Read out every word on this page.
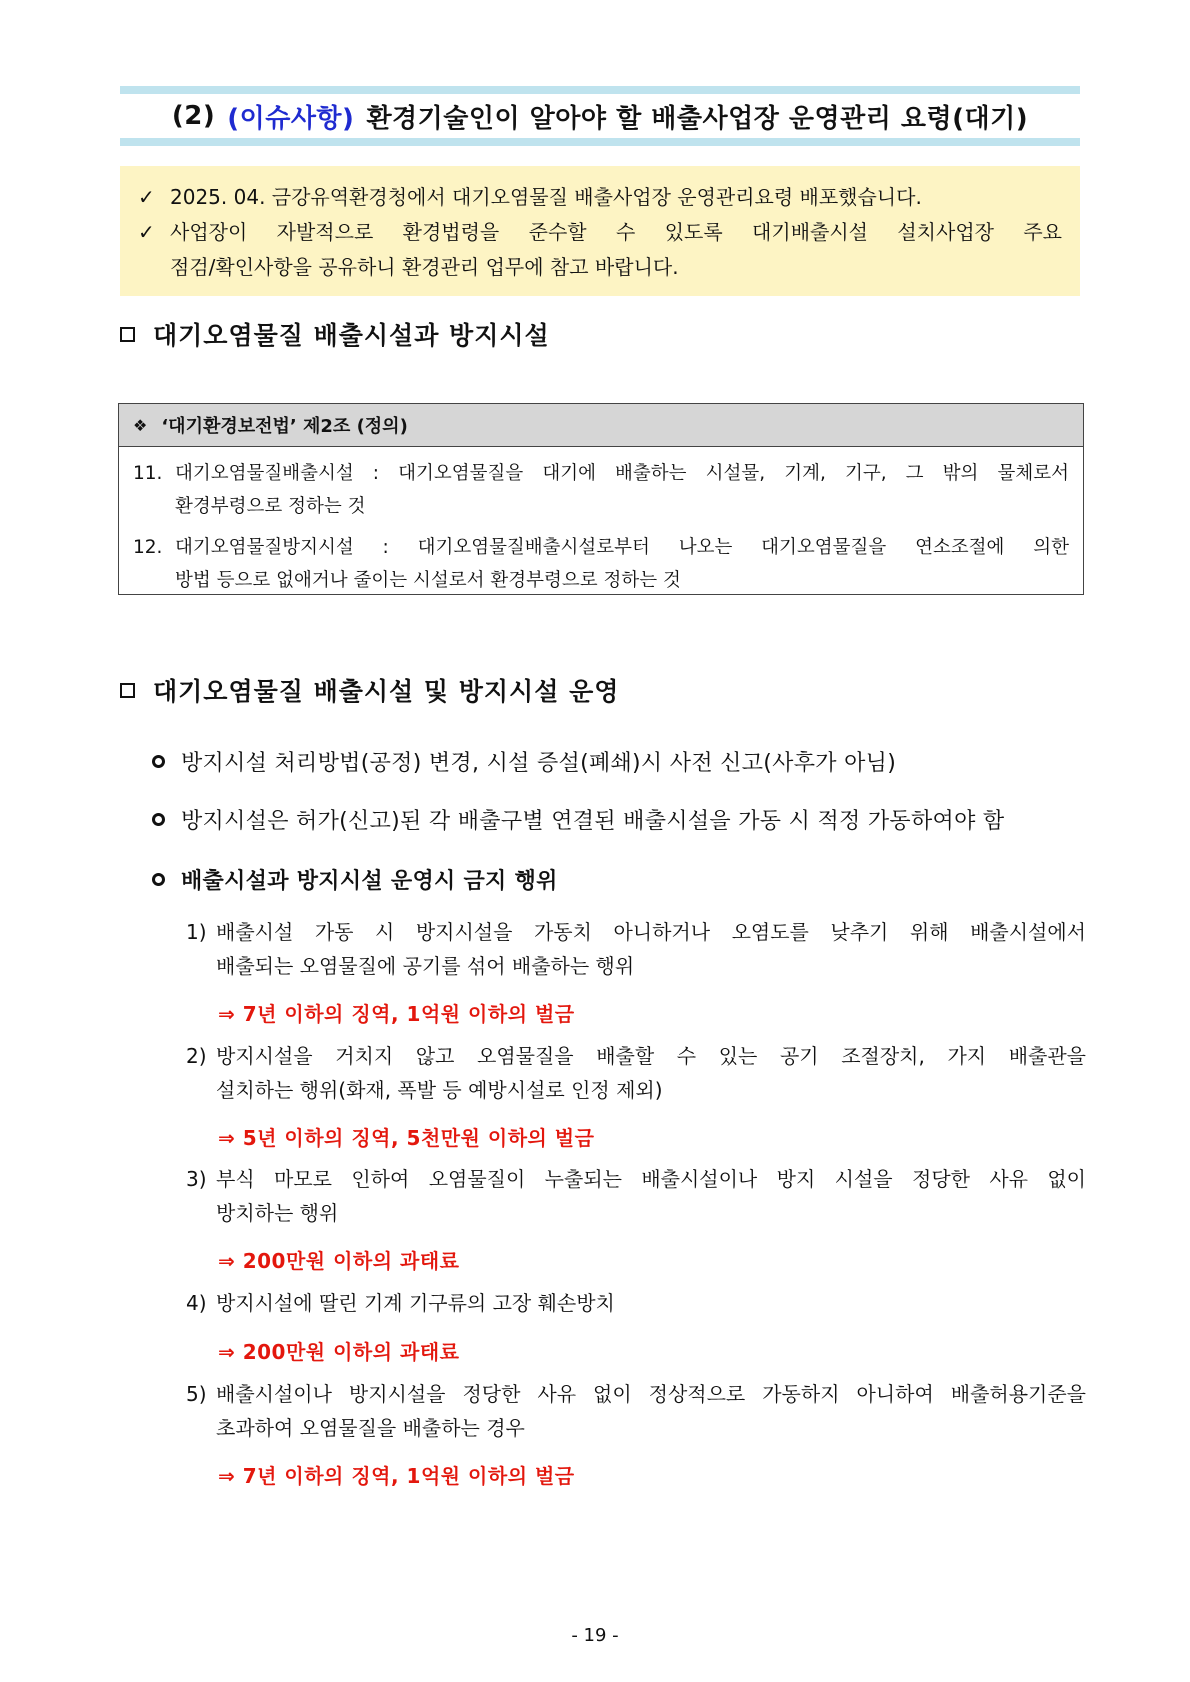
(2) (이슈사항) 환경기술인이 알아야 할 배출사업장 운영관리 요령(대기)
✓ 2025. 04. 금강유역환경청에서 대기오염물질 배출사업장 운영관리요령 배포했습니다.
✓ 사업장이 자발적으로 환경법령을 준수할 수 있도록 대기배출시설 설치사업장 주요
점검/확인사항을 공유하니 환경관리 업무에 참고 바랍니다.
대기오염물질 배출시설과 방지시설
❖ ‘대기환경보전법’ 제2조 (정의)
11. 대기오염물질배출시설 : 대기오염물질을 대기에 배출하는 시설물, 기계, 기구, 그 밖의 물체로서
환경부령으로 정하는 것
12. 대기오염물질방지시설 : 대기오염물질배출시설로부터 나오는 대기오염물질을 연소조절에 의한
방법 등으로 없애거나 줄이는 시설로서 환경부령으로 정하는 것
대기오염물질 배출시설 및 방지시설 운영
방지시설 처리방법(공정) 변경, 시설 증설(폐쇄)시 사전 신고(사후가 아님)
방지시설은 허가(신고)된 각 배출구별 연결된 배출시설을 가동 시 적정 가동하여야 함
배출시설과 방지시설 운영시 금지 행위
1) 배출시설 가동 시 방지시설을 가동치 아니하거나 오염도를 낮추기 위해 배출시설에서
배출되는 오염물질에 공기를 섞어 배출하는 행위
⇒ 7년 이하의 징역, 1억원 이하의 벌금
2) 방지시설을 거치지 않고 오염물질을 배출할 수 있는 공기 조절장치, 가지 배출관을
설치하는 행위(화재, 폭발 등 예방시설로 인정 제외)
⇒ 5년 이하의 징역, 5천만원 이하의 벌금
3) 부식 마모로 인하여 오염물질이 누출되는 배출시설이나 방지 시설을 정당한 사유 없이
방치하는 행위
⇒ 200만원 이하의 과태료
4) 방지시설에 딸린 기계 기구류의 고장 훼손방치
⇒ 200만원 이하의 과태료
5) 배출시설이나 방지시설을 정당한 사유 없이 정상적으로 가동하지 아니하여 배출허용기준을
초과하여 오염물질을 배출하는 경우
⇒ 7년 이하의 징역, 1억원 이하의 벌금
- 19 -
